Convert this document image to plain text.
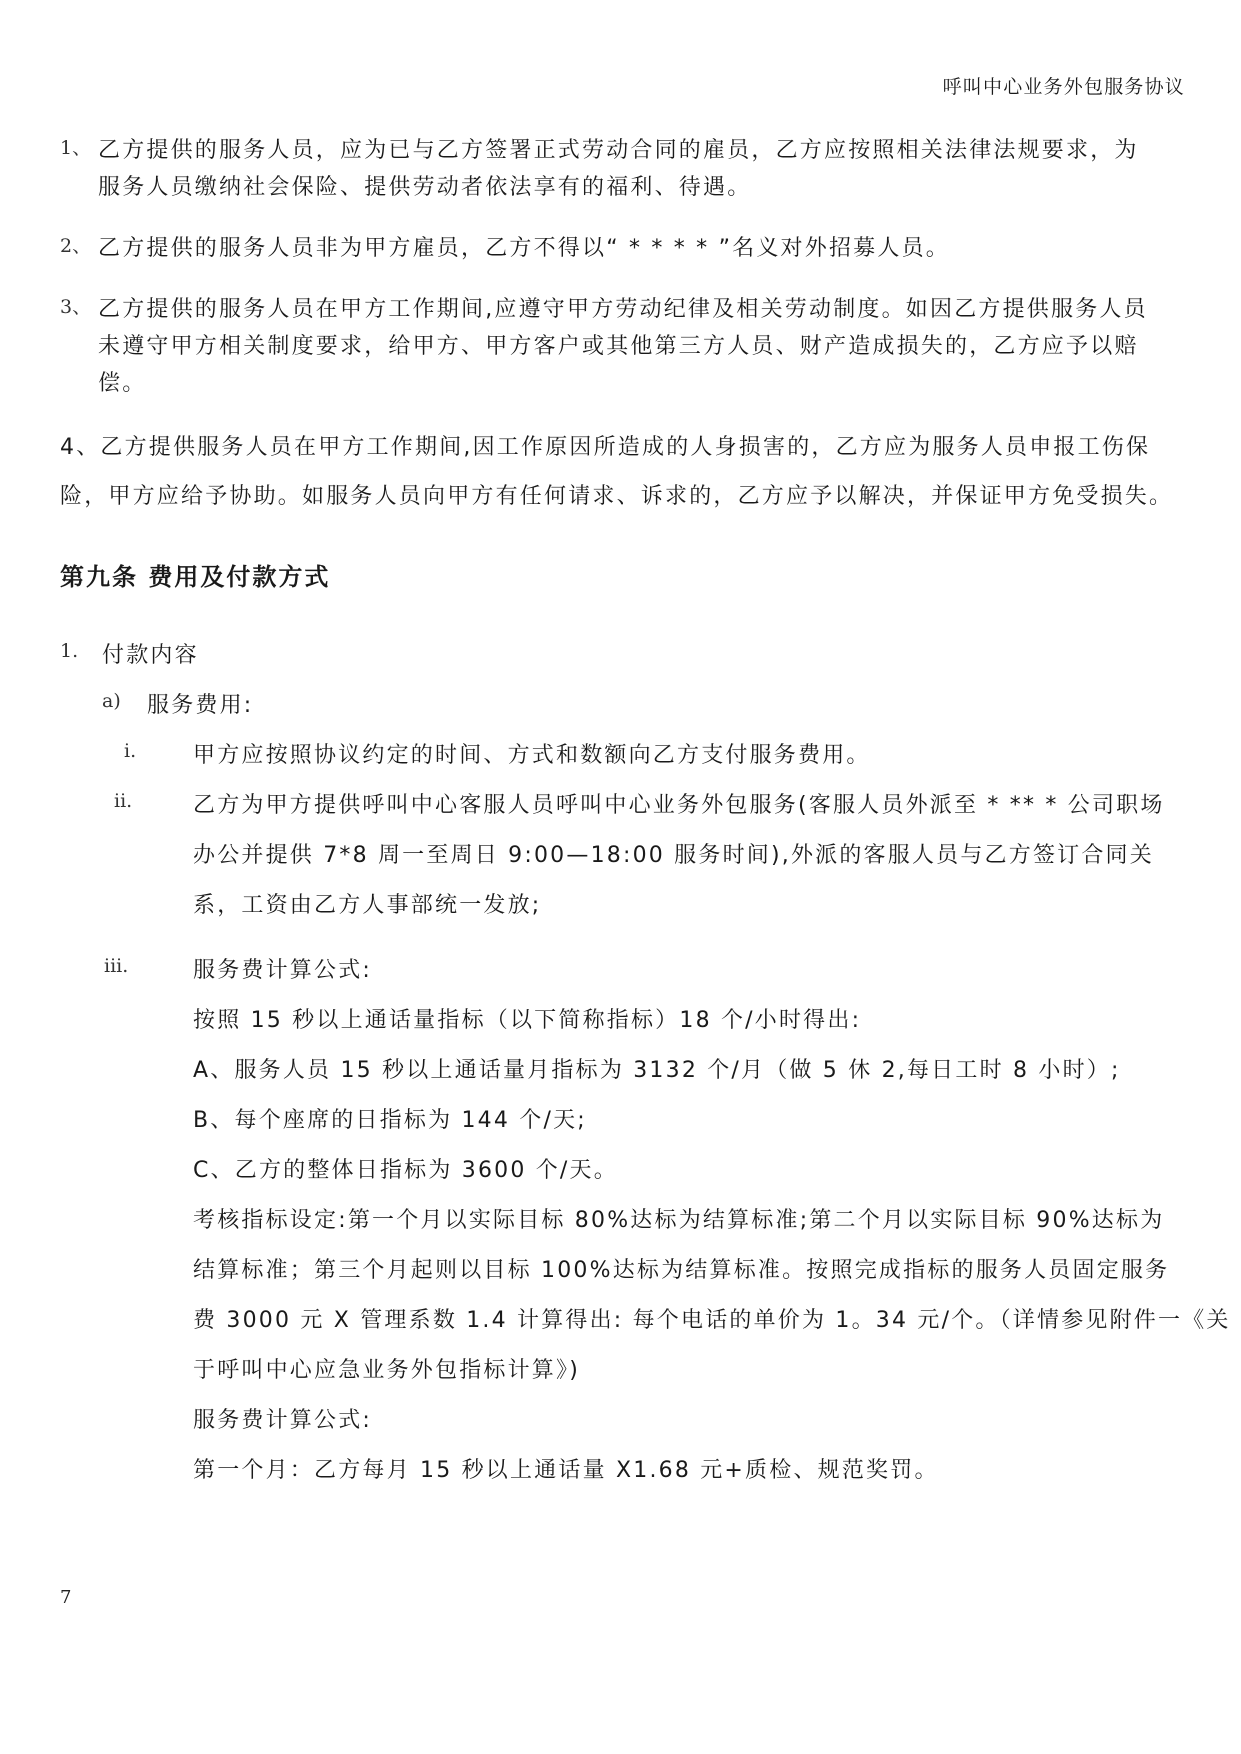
呼叫中心业务外包服务协议
1、 乙方提供的服务人员，应为已与乙方签署正式劳动合同的雇员，乙方应按照相关法律法规要求，为
服务人员缴纳社会保险、提供劳动者依法享有的福利、待遇。
2、 乙方提供的服务人员非为甲方雇员，乙方不得以“ * * * * ”名义对外招募人员。
3、 乙方提供的服务人员在甲方工作期间,应遵守甲方劳动纪律及相关劳动制度。如因乙方提供服务人员
未遵守甲方相关制度要求，给甲方、甲方客户或其他第三方人员、财产造成损失的，乙方应予以赔
偿。
4、乙方提供服务人员在甲方工作期间,因工作原因所造成的人身损害的，乙方应为服务人员申报工伤保
险，甲方应给予协助。如服务人员向甲方有任何请求、诉求的，乙方应予以解决，并保证甲方免受损失。
第九条 费用及付款方式
1. 付款内容
a) 服务费用:
i.	甲方应按照协议约定的时间、方式和数额向乙方支付服务费用。
ii.	乙方为甲方提供呼叫中心客服人员呼叫中心业务外包服务(客服人员外派至 * ** * 公司职场
办公并提供 7*8 周一至周日 9:00—18:00 服务时间),外派的客服人员与乙方签订合同关
系，工资由乙方人事部统一发放;
iii.	服务费计算公式:
按照 15 秒以上通话量指标（以下简称指标）18 个/小时得出:
A、服务人员 15 秒以上通话量月指标为 3132 个/月（做 5 休 2,每日工时 8 小时）;
B、每个座席的日指标为 144 个/天;
C、乙方的整体日指标为 3600 个/天。
考核指标设定:第一个月以实际目标 80%达标为结算标准;第二个月以实际目标 90%达标为
结算标准；第三个月起则以目标 100%达标为结算标准。按照完成指标的服务人员固定服务
费 3000 元 X 管理系数 1.4 计算得出: 每个电话的单价为 1。34 元/个。（详情参见附件一《关
于呼叫中心应急业务外包指标计算》)
服务费计算公式:
第一个月：乙方每月 15 秒以上通话量 X1.68 元+质检、规范奖罚。
7
